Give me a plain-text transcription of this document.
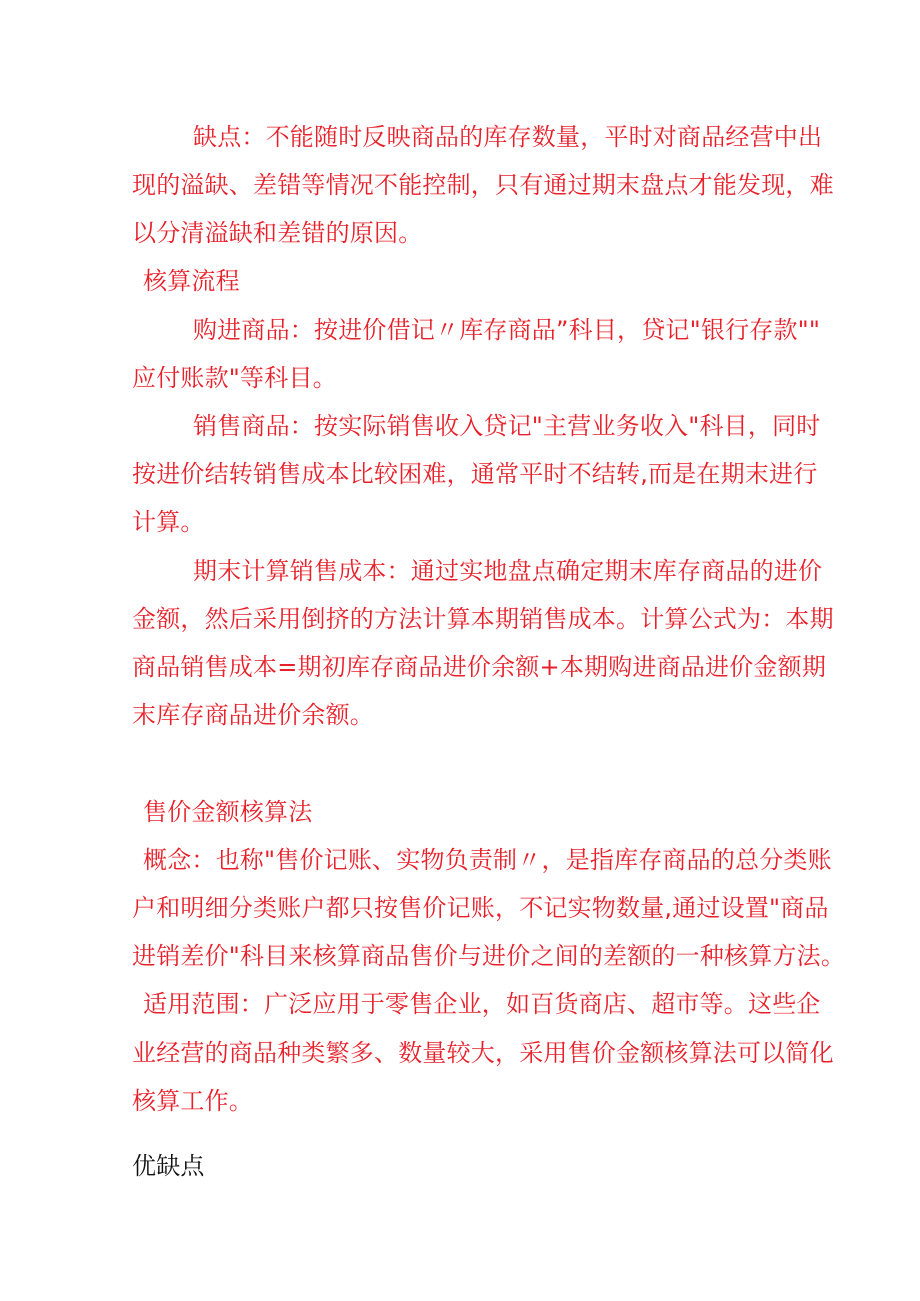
缺点：不能随时反映商品的库存数量，平时对商品经营中出

现的溢缺、差错等情况不能控制，只有通过期末盘点才能发现，难

以分清溢缺和差错的原因。

核算流程

购进商品：按进价借记〃库存商品”科目，贷记"银行存款""

应付账款"等科目。

销售商品：按实际销售收入贷记"主营业务收入"科目，同时

按进价结转销售成本比较困难，通常平时不结转,而是在期末进行

计算。

期末计算销售成本：通过实地盘点确定期末库存商品的进价

金额，然后采用倒挤的方法计算本期销售成本。计算公式为：本期

商品销售成本=期初库存商品进价余额+本期购进商品进价金额期

末库存商品进价余额。

售价金额核算法

概念：也称"售价记账、实物负责制〃，是指库存商品的总分类账

户和明细分类账户都只按售价记账，不记实物数量,通过设置"商品

进销差价"科目来核算商品售价与进价之间的差额的一种核算方法。

适用范围：广泛应用于零售企业，如百货商店、超市等。这些企

业经营的商品种类繁多、数量较大，采用售价金额核算法可以简化

核算工作。

优缺点
